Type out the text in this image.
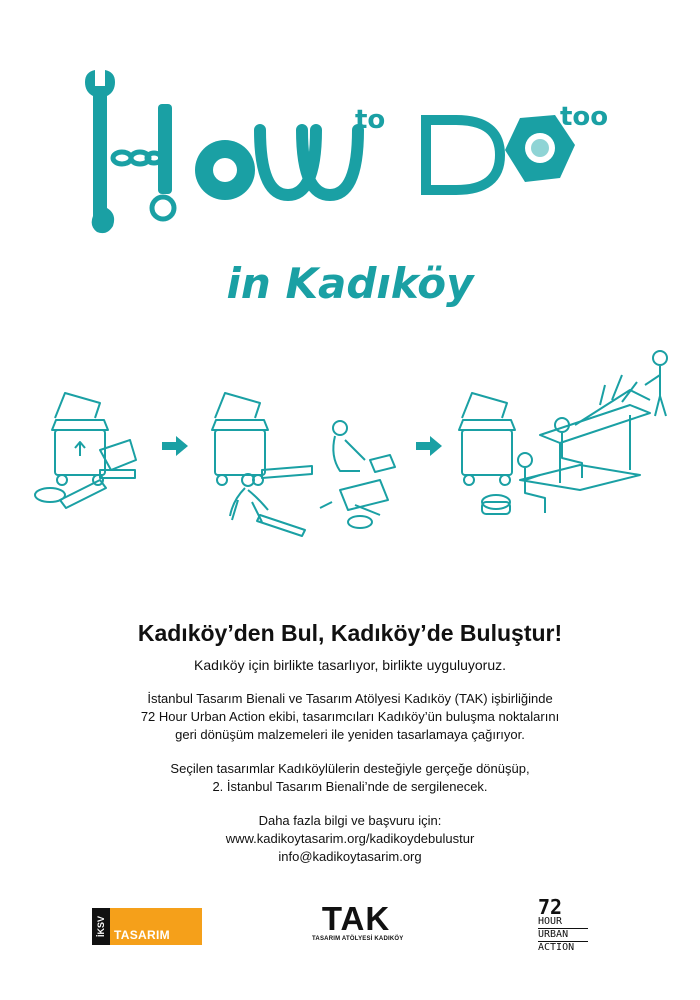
to	too
in Kadıköy
Kadıköy’den Bul, Kadıköy’de Buluştur!
Kadıköy için birlikte tasarlıyor, birlikte uyguluyoruz.

İstanbul Tasarım Bienali ve Tasarım Atölyesi Kadıköy (TAK) işbirliğinde

72 Hour Urban Action ekibi, tasarımcıları Kadıköy’ün buluşma noktalarını

geri dönüşüm malzemeleri ile yeniden tasarlamaya çağırıyor.

Seçilen tasarımlar Kadıköylülerin desteğiyle gerçeğe dönüşüp,

2. İstanbul Tasarım Bienali’nde de sergilenecek.

Daha fazla bilgi ve başvuru için:

www.kadikoytasarim.org/kadikoydebulustur

info@kadikoytasarim.org

İKSV TASARIM	TAK
TASARIM ATÖLYESİ KADIKÖY
72
HOUR
URBAN
ACTION
